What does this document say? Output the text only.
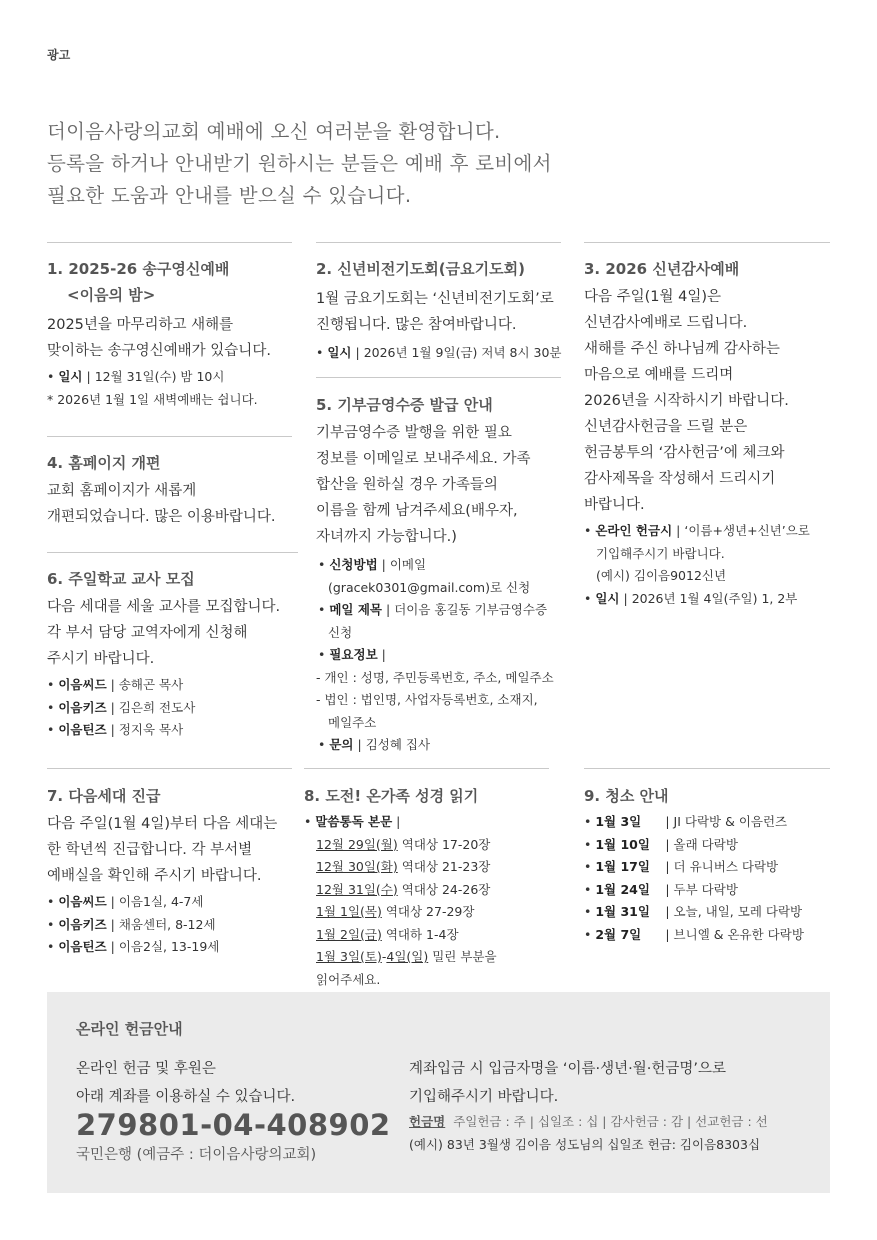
광고
더이음사랑의교회 예배에 오신 여러분을 환영합니다.
등록을 하거나 안내받기 원하시는 분들은 예배 후 로비에서
필요한 도움과 안내를 받으실 수 있습니다.
1. 2025-26 송구영신예배
<이음의 밤>
2025년을 마무리하고 새해를
맞이하는 송구영신예배가 있습니다.
• 일시 | 12월 31일(수) 밤 10시
* 2026년 1월 1일 새벽예배는 쉽니다.
4. 홈페이지 개편
교회 홈페이지가 새롭게
개편되었습니다. 많은 이용바랍니다.
6. 주일학교 교사 모집
다음 세대를 세울 교사를 모집합니다.
각 부서 담당 교역자에게 신청해
주시기 바랍니다.
• 이음씨드 | 송해곤 목사
• 이음키즈 | 김은희 전도사
• 이음틴즈 | 정지욱 목사
2. 신년비전기도회(금요기도회)
1월 금요기도회는 ‘신년비전기도회’로
진행됩니다. 많은 참여바랍니다.
• 일시 | 2026년 1월 9일(금) 저녁 8시 30분
5. 기부금영수증 발급 안내
기부금영수증 발행을 위한 필요
정보를 이메일로 보내주세요. 가족
합산을 원하실 경우 가족들의
이름을 함께 남겨주세요(배우자,
자녀까지 가능합니다.)
• 신청방법 | 이메일
(gracek0301@gmail.com)로 신청
• 메일 제목 | 더이음 홍길동 기부금영수증
신청
• 필요정보 |
- 개인 : 성명, 주민등록번호, 주소, 메일주소
- 법인 : 법인명, 사업자등록번호, 소재지,
메일주소
• 문의 | 김성혜 집사
3. 2026 신년감사예배
다음 주일(1월 4일)은
신년감사예배로 드립니다.
새해를 주신 하나님께 감사하는
마음으로 예배를 드리며
2026년을 시작하시기 바랍니다.
신년감사헌금을 드릴 분은
헌금봉투의 ‘감사헌금’에 체크와
감사제목을 작성해서 드리시기
바랍니다.
• 온라인 헌금시 | ‘이름+생년+신년’으로
기입해주시기 바랍니다.
(예시) 김이음9012신년
• 일시 | 2026년 1월 4일(주일) 1, 2부
7. 다음세대 진급
다음 주일(1월 4일)부터 다음 세대는
한 학년씩 진급합니다. 각 부서별
예배실을 확인해 주시기 바랍니다.
• 이음씨드 | 이음1실, 4-7세
• 이음키즈 | 채움센터, 8-12세
• 이음틴즈 | 이음2실, 13-19세
8. 도전! 온가족 성경 읽기
• 말씀통독 본문 |
12월 29일(월) 역대상 17-20장
12월 30일(화) 역대상 21-23장
12월 31일(수) 역대상 24-26장
1월 1일(목) 역대상 27-29장
1월 2일(금) 역대하 1-4장
1월 3일(토)-4일(일) 밀린 부분을
읽어주세요.
9. 청소 안내
• 1월 3일 | JI 다락방 & 이음런즈
• 1월 10일 | 올래 다락방
• 1월 17일 | 더 유니버스 다락방
• 1월 24일 | 두부 다락방
• 1월 31일 | 오늘, 내일, 모레 다락방
• 2월 7일 | 브니엘 & 온유한 다락방
온라인 헌금안내
온라인 헌금 및 후원은
아래 계좌를 이용하실 수 있습니다.
279801-04-408902
국민은행 (예금주 : 더이음사랑의교회)
계좌입금 시 입금자명을 ‘이름·생년·월·헌금명’으로
기입해주시기 바랍니다.
헌금명 주일헌금 : 주 | 십일조 : 십 | 감사헌금 : 감 | 선교헌금 : 선
(예시) 83년 3월생 김이음 성도님의 십일조 헌금: 김이음8303십
